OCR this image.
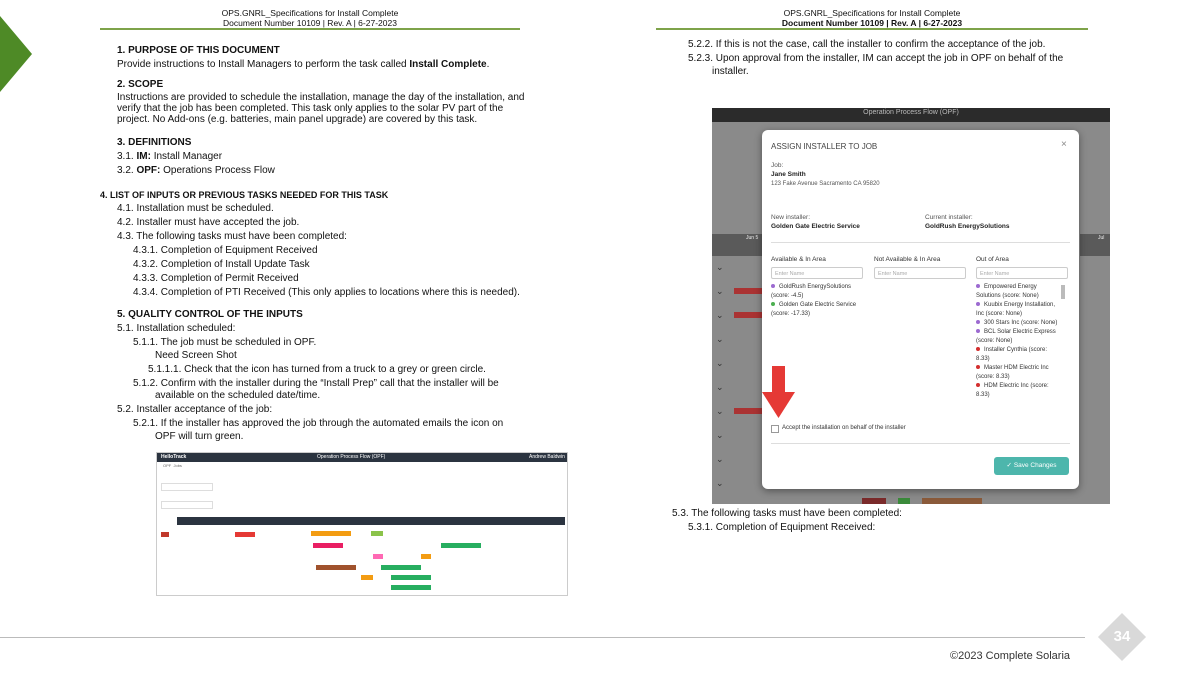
OPS.GNRL_Specifications for Install Complete
Document Number 10109 | Rev. A | 6-27-2023
OPS.GNRL_Specifications for Install Complete
Document Number 10109 | Rev. A | 6-27-2023
1. PURPOSE OF THIS DOCUMENT
Provide instructions to Install Managers to perform the task called Install Complete.
2. SCOPE
Instructions are provided to schedule the installation, manage the day of the installation, and
verify that the job has been completed. This task only applies to the solar PV part of the
project. No Add-ons (e.g. batteries, main panel upgrade) are covered by this task.
3. DEFINITIONS
3.1. IM: Install Manager
3.2. OPF: Operations Process Flow
4. LIST OF INPUTS OR PREVIOUS TASKS NEEDED FOR THIS TASK
4.1. Installation must be scheduled.
4.2. Installer must have accepted the job.
4.3. The following tasks must have been completed:
4.3.1. Completion of Equipment Received
4.3.2. Completion of Install Update Task
4.3.3. Completion of Permit Received
4.3.4. Completion of PTI Received (This only applies to locations where this is needed).
5. QUALITY CONTROL OF THE INPUTS
5.1. Installation scheduled:
5.1.1. The job must be scheduled in OPF.
Need Screen Shot
5.1.1.1. Check that the icon has turned from a truck to a grey or green circle.
5.1.2. Confirm with the installer during the “Install Prep” call that the installer will be
available on the scheduled date/time.
5.2. Installer acceptance of the job:
5.2.1. If the installer has approved the job through the automated emails the icon on
OPF will turn green.
HelloTrack	Operation Process Flow (OPF)	Andrew Baldwin
OPF Jobs
5.2.2. If this is not the case, call the installer to confirm the acceptance of the job.
5.2.3. Upon approval from the installer, IM can accept the job in OPF on behalf of the
installer.
5.3. The following tasks must have been completed:
5.3.1. Completion of Equipment Received:
Operation Process Flow (OPF)
Jun 5	Jul
⌄
⌄
⌄
⌄
⌄
⌄
⌄
⌄
⌄
⌄
ASSIGN INSTALLER TO JOB	×
Job:
Jane Smith
123 Fake Avenue Sacramento CA 95820
New installer:
Golden Gate Electric Service
Current installer:
GoldRush EnergySolutions
Available & In Area	Not Available & In Area	Out of Area
Enter Name	Enter Name	Enter Name
GoldRush EnergySolutions (score: -4.5)
Golden Gate Electric Service (score: -17.33)
Empowered Energy Solutions (score: None)
Kuubix Energy Installation, Inc (score: None)
300 Stars Inc (score: None)
BCL Solar Electric Express (score: None)
Installer Cynthia (score: 8.33)
Master HDM Electric Inc (score: 8.33)
HDM Electric Inc (score: 8.33)
Accept the installation on behalf of the installer
✓ Save Changes
34
©2023 Complete Solaria
